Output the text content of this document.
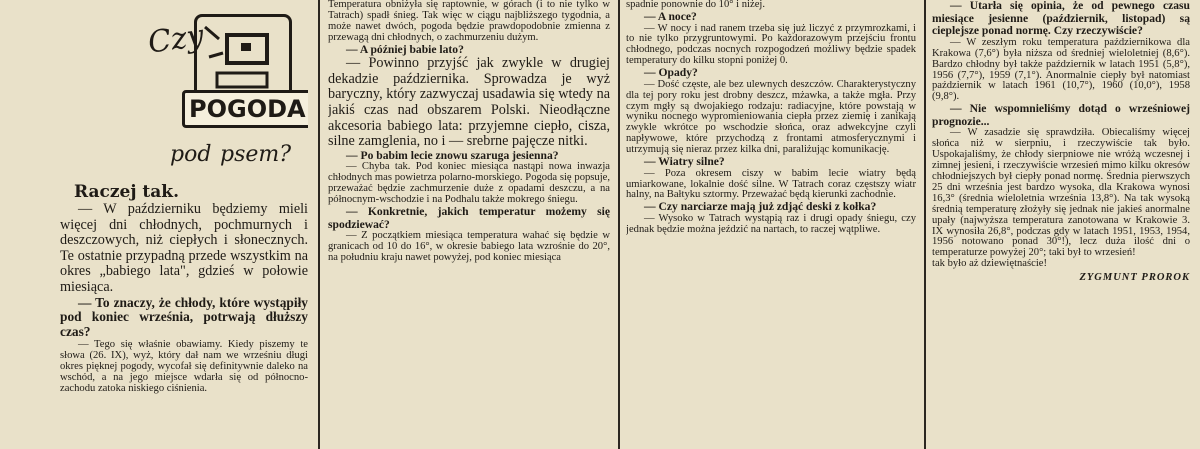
Czy
POGODA
pod psem?
Raczej tak.

— W październiku będziemy mieli więcej dni chłodnych, pochmurnych i deszczowych, niż ciepłych i słonecznych. Te ostatnie przypadną przede wszystkim na okres „babiego lata", gdzieś w połowie miesiąca.

— To znaczy, że chłody, które wystąpiły pod koniec września, potrwają dłuższy czas?

— Tego się właśnie obawiamy. Kiedy piszemy te słowa (26. IX), wyż, który dał nam we wrześniu długi okres pięknej pogody, wycofał się definitywnie daleko na wschód, a na jego miejsce wdarła się od północno-zachodu zatoka niskiego ciśnienia.

Temperatura obniżyła się raptownie, w górach (i to nie tylko w Tatrach) spadł śnieg. Tak więc w ciągu najbliższego tygodnia, a może nawet dwóch, pogoda będzie prawdopodobnie zmienna z przewagą dni chłodnych, o zachmurzeniu dużym.

— A później babie lato?

— Powinno przyjść jak zwykle w drugiej dekadzie października. Sprowadza je wyż baryczny, który zazwyczaj usadawia się wtedy na jakiś czas nad obszarem Polski. Nieodłączne akcesoria babiego lata: przyjemne ciepło, cisza, silne zamglenia, no i — srebrne pajęcze nitki.

— Po babim lecie znowu szaruga jesienna?

— Chyba tak. Pod koniec miesiąca nastąpi nowa inwazja chłodnych mas powietrza polarno-morskiego. Pogoda się popsuje, przeważać będzie zachmurzenie duże z opadami deszczu, a na północnym-wschodzie i na Podhalu także mokrego śniegu.

— Konkretnie, jakich temperatur możemy się spodziewać?

— Z początkiem miesiąca temperatura wahać się będzie w granicach od 10 do 16°, w okresie babiego lata wzrośnie do 20°, na południu kraju nawet powyżej, pod koniec miesiąca

spadnie ponownie do 10° i niżej.

— A noce?

— W nocy i nad ranem trzeba się już liczyć z przymrozkami, i to nie tylko przygruntowymi. Po każdorazowym przejściu frontu chłodnego, podczas nocnych rozpogodzeń możliwy będzie spadek temperatury do kilku stopni poniżej 0.

— Opady?

— Dość częste, ale bez ulewnych deszczów. Charakterystyczny dla tej pory roku jest drobny deszcz, mżawka, a także mgła. Przy czym mgły są dwojakiego rodzaju: radiacyjne, które powstają w wyniku nocnego wypromieniowania ciepła przez ziemię i zanikają zwykle wkrótce po wschodzie słońca, oraz adwekcyjne czyli napływowe, które przychodzą z frontami atmosferycznymi i utrzymują się nieraz przez kilka dni, paraliżując komunikację.

— Wiatry silne?

— Poza okresem ciszy w babim lecie wiatry będą umiarkowane, lokalnie dość silne. W Tatrach coraz częstszy wiatr halny, na Bałtyku sztormy. Przeważać będą kierunki zachodnie.

— Czy narciarze mają już zdjąć deski z kołka?

— Wysoko w Tatrach wystąpią raz i drugi opady śniegu, czy jednak będzie można jeździć na nartach, to raczej wątpliwe.

— Utarła się opinia, że od pewnego czasu miesiące jesienne (październik, listopad) są cieplejsze ponad normę. Czy rzeczywiście?

— W zeszłym roku temperatura październikowa dla Krakowa (7,6°) była niższa od średniej wieloletniej (8,6°). Bardzo chłodny był także październik w latach 1951 (5,8°), 1956 (7,7°), 1959 (7,1°). Anormalnie ciepły był natomiast październik w latach 1961 (10,7°), 1960 (10,0°), 1958 (9,8°).

— Nie wspomnieliśmy dotąd o wrześniowej prognozie...

— W zasadzie się sprawdziła. Obiecaliśmy więcej słońca niż w sierpniu, i rzeczywiście tak było. Uspokajaliśmy, że chłody sierpniowe nie wróżą wczesnej i zimnej jesieni, i rzeczywiście wrzesień mimo kilku okresów chłodniejszych był ciepły ponad normę. Średnia pierwszych 25 dni września jest bardzo wysoka, dla Krakowa wynosi 16,3° (średnia wieloletnia września 13,8°). Na tak wysoką średnią temperaturę złożyły się jednak nie jakieś anormalne upały (najwyższa temperatura zanotowana w Krakowie 3. IX wynosiła 26,8°, podczas gdy w latach 1951, 1953, 1954, 1956 notowano ponad 30°!), lecz duża ilość dni o temperaturze powyżej 20°; taki był to wrzesień!

tak było aż dziewiętnaście!

ZYGMUNT PROROK
